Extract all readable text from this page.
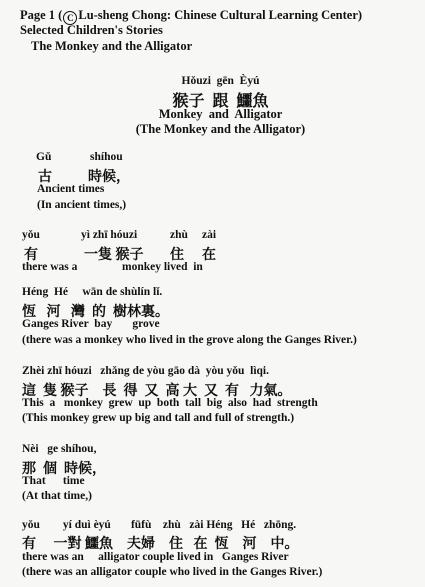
Page 1 ( C Lu-sheng Chong: Chinese Cultural Learning Center)
Selected Children's Stories
The Monkey and the Alligator
Hǒuzi  gēn  Èyú
猴子  跟  鱷魚
Monkey  and  Alligator
(The Monkey and the Alligator)
Gǔ	shíhou
古	時候，
Ancient times
(In ancient times,)
yǒu	yì zhī hóuzi	zhù zài
有	一隻 猴子 住 在
there was a	monkey lived  in
Héng  Hé     wān de shùlín lǐ.
恆   河   灣  的  樹林裏。
Ganges River  bay       grove
(there was a monkey who lived in the grove along the Ganges River.)
Zhèi zhī hóuzi   zhǎng de yòu gāo dà  yòu yǒu  lìqi.
這  隻 猴子    長  得  又  高 大  又  有   力氣。
This  a   monkey  grew  up  both  tall  big  also  had  strength
(This monkey grew up big and tall and full of strength.)
Nèi   ge shíhou,
那  個  時候，
That      time
(At that time,)
yǒu        yí duì èyú       fūfù    zhù   zài Héng   Hé   zhōng.
有     一對 鱷魚    夫婦    住   在  恆    河    中。
there was an     alligator couple lived in   Ganges River
(there was an alligator couple who lived in the Ganges River.)
